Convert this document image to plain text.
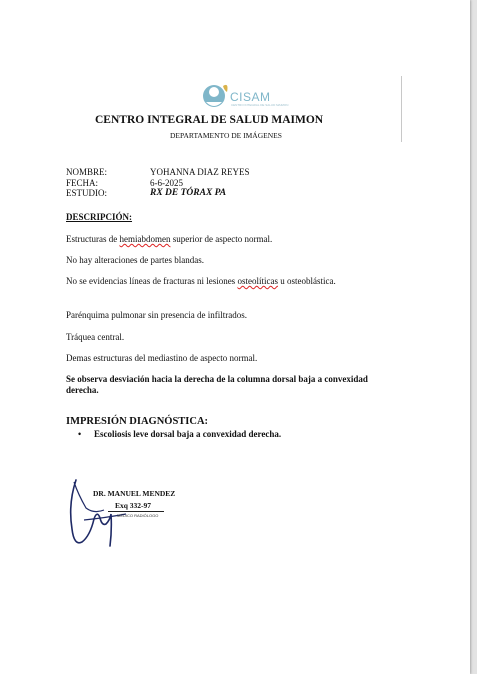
CISAM
CENTRO INTEGRAL DE SALUD MAIMON
CENTRO INTEGRAL DE SALUD MAIMON
DEPARTAMENTO DE IMÁGENES
NOMBRE:	YOHANNA DIAZ REYES
FECHA:	6-6-2025
ESTUDIO:	RX DE TÓRAX PA
DESCRIPCIÓN:
Estructuras de hemiabdomen superior de aspecto normal.
No hay alteraciones de partes blandas.
No se evidencias líneas de fracturas ni lesiones osteolíticas u osteoblástica.
Parénquima pulmonar sin presencia de infiltrados.
Tráquea central.
Demas estructuras del mediastino de aspecto normal.
Se observa desviación hacia la derecha de la columna dorsal baja a convexidad derecha.
IMPRESIÓN DIAGNÓSTICA:
• Escoliosis leve dorsal baja a convexidad derecha.
DR. MANUEL MENDEZ
Exq 332-97
MÉDICO RADIÓLOGO
